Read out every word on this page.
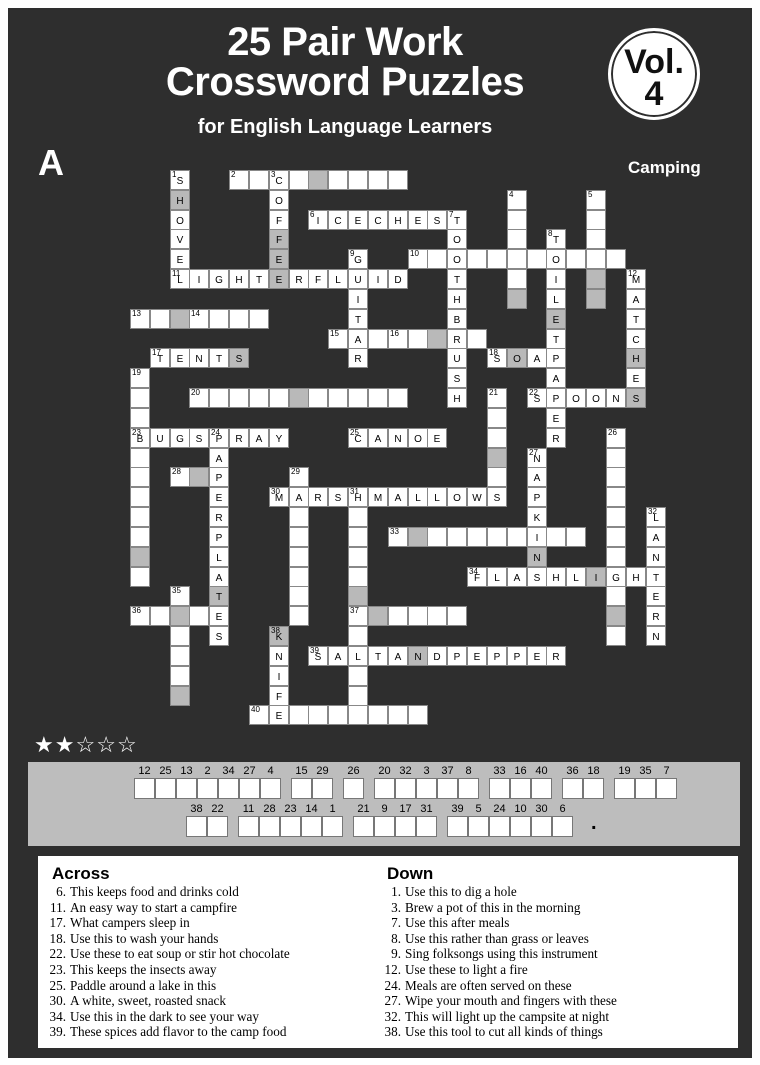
25 Pair Work
Crossword Puzzles
for English Language Learners
Vol.
4
A	Camping
1
S
H
O
V
E
11
L
2	3
C
O
F
F
E
E
4	5
6
I	C	E	C	H	E	S
7
T
O
O
T
H
B
R
U
S
H
8
T
O
I
L
E
T
P
A
P
E
R
9
G
U
I
T
A
R
10
I	G	H	T	R	F	L	I	D
12
M
A
T
C
H
E
S
13	14
15	16
17
T	E	N	T	S
18
S	O	A
19
23
B
20	21	22
S	O	O	N
U	G	S
24
P	R	A	Y
A
P
E
R
P
L
A
T
E
S
25
C	A	N	O	E
26
G
27
N
A
P
K
I
N
28	29
A
30
M	R	S
31
H	M	A	L	L	O	W	S
37
L
32
L
A
N
T
E
R
N
33
34
F	L	A	S	H	L	I	H
35
36
38
K
N
I
F
E
39
S	A	T	A	N	D	P	E	P	P	E	R
40
★★☆☆☆
12 25 13	2	34 27	4	15 29	26	20 32	3	37	8	33 16 40	36 18	19 35	7
38 22	11 28 23 14	1	21	9	17 31	39	5	24 10 30	6
.
Across	Down
6. This keeps food and drinks cold
11. An easy way to start a campfire
17. What campers sleep in
18. Use this to wash your hands
22. Use these to eat soup or stir hot chocolate
23. This keeps the insects away
25. Paddle around a lake in this
30. A white, sweet, roasted snack
34. Use this in the dark to see your way
39. These spices add flavor to the camp food
1. Use this to dig a hole
3. Brew a pot of this in the morning
7. Use this after meals
8. Use this rather than grass or leaves
9. Sing folksongs using this instrument
12. Use these to light a fire
24. Meals are often served on these
27. Wipe your mouth and fingers with these
32. This will light up the campsite at night
38. Use this tool to cut all kinds of things
